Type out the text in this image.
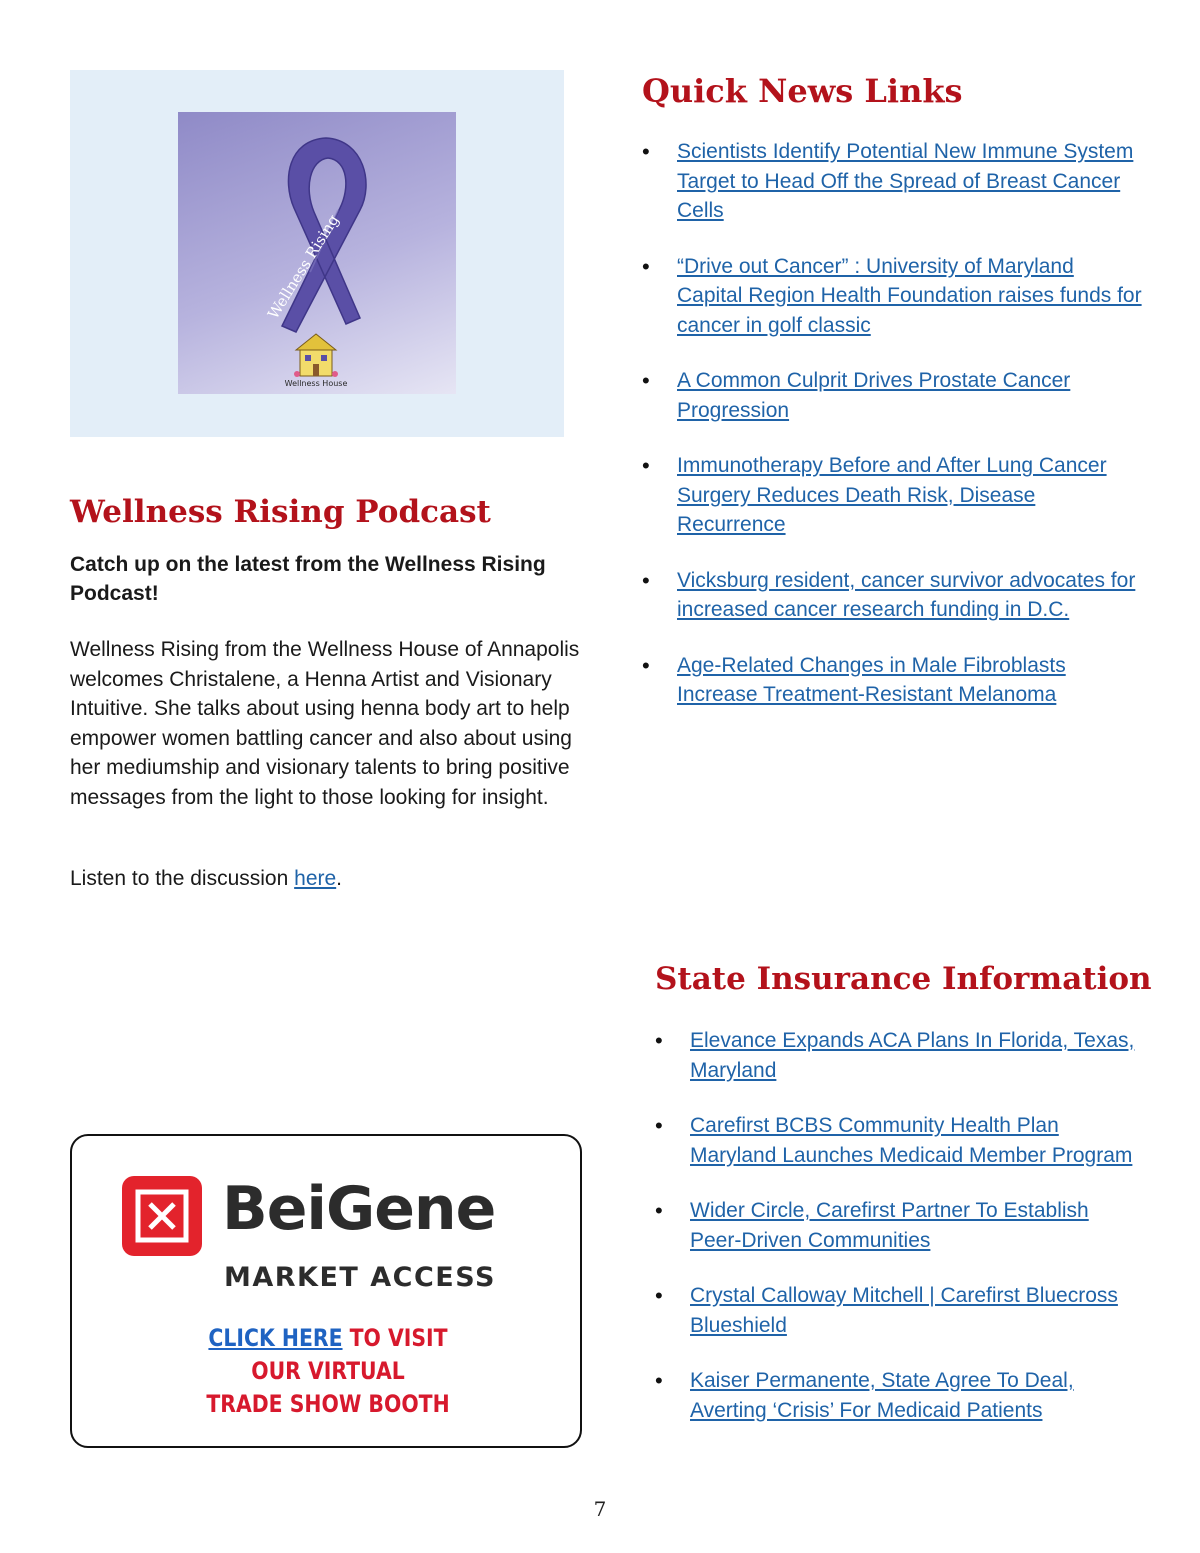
Wellness Rising
Wellness House
Wellness Rising Podcast

Catch up on the latest from the Wellness Rising Podcast!

Wellness Rising from the Wellness House of Annapolis welcomes Christalene, a Henna Artist and Visionary Intuitive. She talks about using henna body art to help empower women battling cancer and also about using her mediumship and visionary talents to bring positive messages from the light to those looking for insight.

Listen to the discussion here.

Quick News Links
• Scientists Identify Potential New Immune System Target to Head Off the Spread of Breast Cancer Cells
• “Drive out Cancer” : University of Maryland Capital Region Health Foundation raises funds for cancer in golf classic
• A Common Culprit Drives Prostate Cancer Progression
• Immunotherapy Before and After Lung Cancer Surgery Reduces Death Risk, Disease Recurrence
• Vicksburg resident, cancer survivor advocates for increased cancer research funding in D.C.
• Age-Related Changes in Male Fibroblasts Increase Treatment-Resistant Melanoma
State Insurance Information
• Elevance Expands ACA Plans In Florida, Texas, Maryland
• Carefirst BCBS Community Health Plan Maryland Launches Medicaid Member Program
• Wider Circle, Carefirst Partner To Establish Peer-Driven Communities
• Crystal Calloway Mitchell | Carefirst Bluecross Blueshield
• Kaiser Permanente, State Agree To Deal, Averting ‘Crisis’ For Medicaid Patients
BeiGene
MARKET ACCESS
CLICK HERE TO VISIT
OUR VIRTUAL
TRADE SHOW BOOTH
7
